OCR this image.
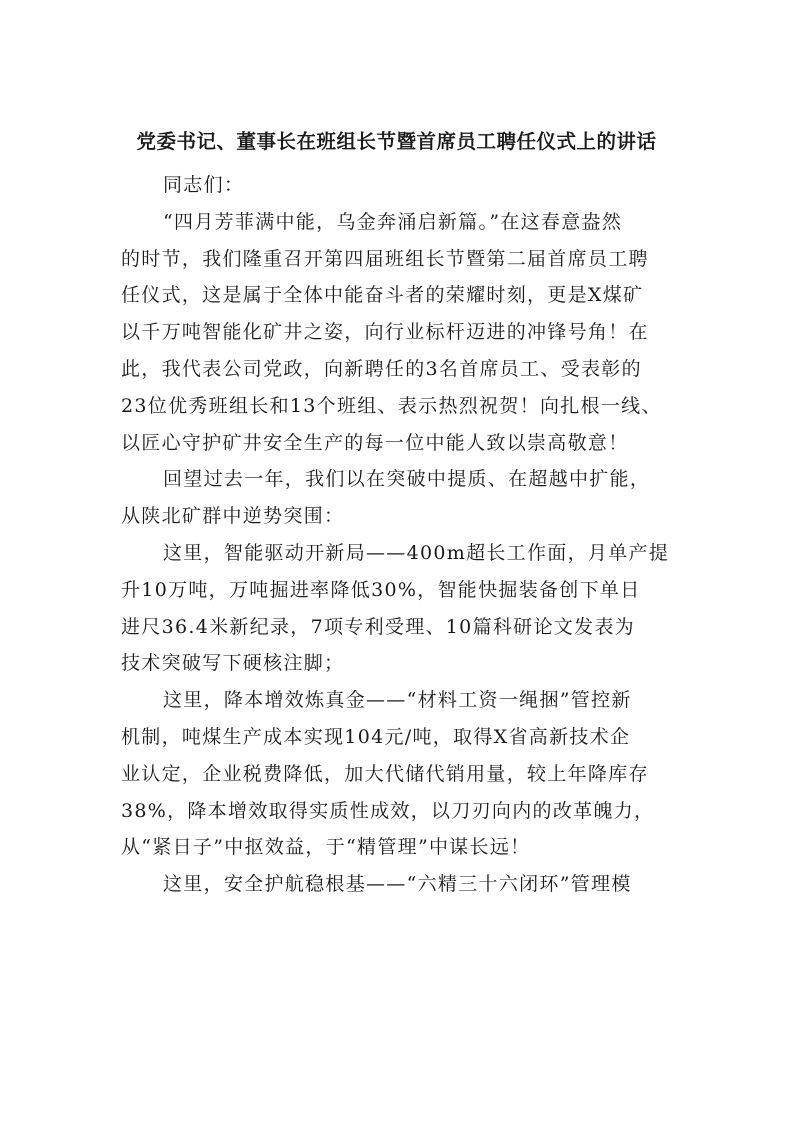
党委书记、董事长在班组长节暨首席员工聘任仪式上的讲话

同志们：

“四月芳菲满中能，乌金奔涌启新篇。”在这春意盎然
的时节，我们隆重召开第四届班组长节暨第二届首席员工聘
任仪式，这是属于全体中能奋斗者的荣耀时刻，更是X煤矿
以千万吨智能化矿井之姿，向行业标杆迈进的冲锋号角！在
此，我代表公司党政，向新聘任的3名首席员工、受表彰的
23位优秀班组长和13个班组、表示热烈祝贺！向扎根一线、
以匠心守护矿井安全生产的每一位中能人致以崇高敬意！

回望过去一年，我们以在突破中提质、在超越中扩能，
从陕北矿群中逆势突围：

这里，智能驱动开新局——400m超长工作面，月单产提
升10万吨，万吨掘进率降低30%，智能快掘装备创下单日
进尺36.4米新纪录，7项专利受理、10篇科研论文发表为
技术突破写下硬核注脚；

这里，降本增效炼真金——“材料工资一绳捆”管控新
机制，吨煤生产成本实现104元/吨，取得X省高新技术企
业认定，企业税费降低，加大代储代销用量，较上年降库存
38%，降本增效取得实质性成效，以刀刃向内的改革魄力，
从“紧日子”中抠效益，于“精管理”中谋长远！

这里，安全护航稳根基——“六精三十六闭环”管理模
